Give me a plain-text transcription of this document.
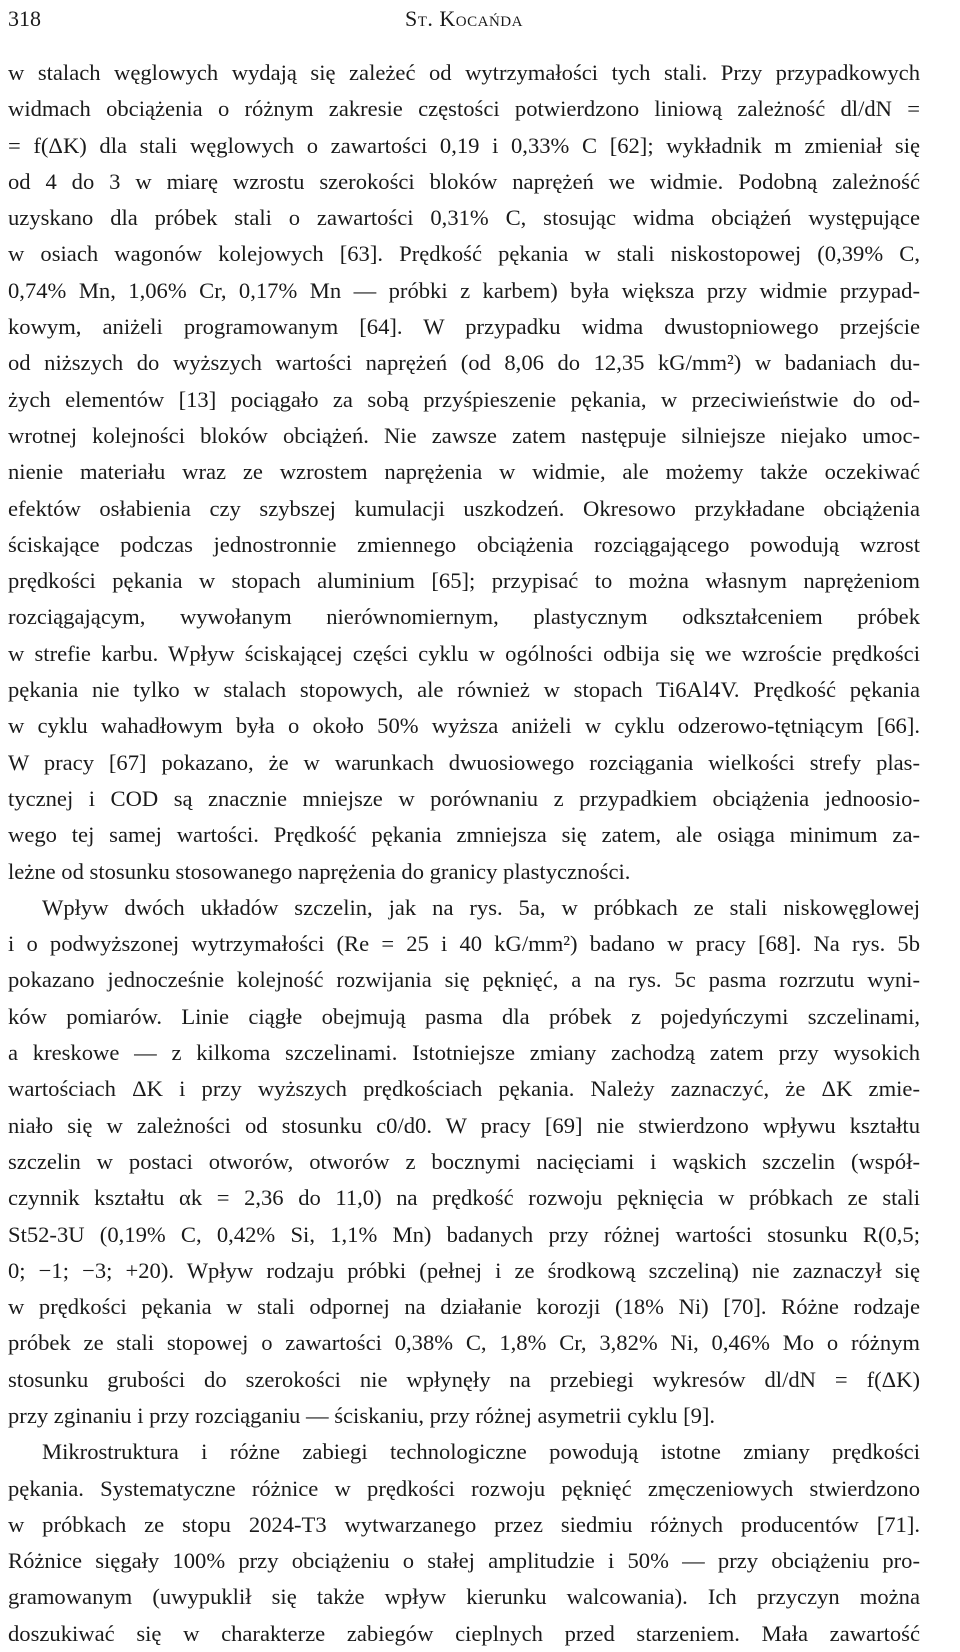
318	St. Kocańda
w stalach węglowych wydają się zależeć od wytrzymałości tych stali. Przy przypadkowych
widmach obciążenia o różnym zakresie częstości potwierdzono liniową zależność dl/dN =
= f(ΔK) dla stali węglowych o zawartości 0,19 i 0,33% C [62]; wykładnik m zmieniał się
od 4 do 3 w miarę wzrostu szerokości bloków naprężeń we widmie. Podobną zależność
uzyskano dla próbek stali o zawartości 0,31% C, stosując widma obciążeń występujące
w osiach wagonów kolejowych [63]. Prędkość pękania w stali niskostopowej (0,39% C,
0,74% Mn, 1,06% Cr, 0,17% Mn — próbki z karbem) była większa przy widmie przypad-
kowym, aniżeli programowanym [64]. W przypadku widma dwustopniowego przejście
od niższych do wyższych wartości naprężeń (od 8,06 do 12,35 kG/mm²) w badaniach du-
żych elementów [13] pociągało za sobą przyśpieszenie pękania, w przeciwieństwie do od-
wrotnej kolejności bloków obciążeń. Nie zawsze zatem następuje silniejsze niejako umoc-
nienie materiału wraz ze wzrostem naprężenia w widmie, ale możemy także oczekiwać
efektów osłabienia czy szybszej kumulacji uszkodzeń. Okresowo przykładane obciążenia
ściskające podczas jednostronnie zmiennego obciążenia rozciągającego powodują wzrost
prędkości pękania w stopach aluminium [65]; przypisać to można własnym naprężeniom
rozciągającym, wywołanym nierównomiernym, plastycznym odkształceniem próbek
w strefie karbu. Wpływ ściskającej części cyklu w ogólności odbija się we wzroście prędkości
pękania nie tylko w stalach stopowych, ale również w stopach Ti6Al4V. Prędkość pękania
w cyklu wahadłowym była o około 50% wyższa aniżeli w cyklu odzerowo-tętniącym [66].
W pracy [67] pokazano, że w warunkach dwuosiowego rozciągania wielkości strefy plas-
tycznej i COD są znacznie mniejsze w porównaniu z przypadkiem obciążenia jednoosio-
wego tej samej wartości. Prędkość pękania zmniejsza się zatem, ale osiąga minimum za-
leżne od stosunku stosowanego naprężenia do granicy plastyczności.
Wpływ dwóch układów szczelin, jak na rys. 5a, w próbkach ze stali niskowęglowej
i o podwyższonej wytrzymałości (Re = 25 i 40 kG/mm²) badano w pracy [68]. Na rys. 5b
pokazano jednocześnie kolejność rozwijania się pęknięć, a na rys. 5c pasma rozrzutu wyni-
ków pomiarów. Linie ciągłe obejmują pasma dla próbek z pojedyńczymi szczelinami,
a kreskowe — z kilkoma szczelinami. Istotniejsze zmiany zachodzą zatem przy wysokich
wartościach ΔK i przy wyższych prędkościach pękania. Należy zaznaczyć, że ΔK zmie-
niało się w zależności od stosunku c0/d0. W pracy [69] nie stwierdzono wpływu kształtu
szczelin w postaci otworów, otworów z bocznymi nacięciami i wąskich szczelin (współ-
czynnik kształtu αk = 2,36 do 11,0) na prędkość rozwoju pęknięcia w próbkach ze stali
St52-3U (0,19% C, 0,42% Si, 1,1% Mn) badanych przy różnej wartości stosunku R(0,5;
0; −1; −3; +20). Wpływ rodzaju próbki (pełnej i ze środkową szczeliną) nie zaznaczył się
w prędkości pękania w stali odpornej na działanie korozji (18% Ni) [70]. Różne rodzaje
próbek ze stali stopowej o zawartości 0,38% C, 1,8% Cr, 3,82% Ni, 0,46% Mo o różnym
stosunku grubości do szerokości nie wpłynęły na przebiegi wykresów dl/dN = f(ΔK)
przy zginaniu i przy rozciąganiu — ściskaniu, przy różnej asymetrii cyklu [9].
Mikrostruktura i różne zabiegi technologiczne powodują istotne zmiany prędkości
pękania. Systematyczne różnice w prędkości rozwoju pęknięć zmęczeniowych stwierdzono
w próbkach ze stopu 2024-T3 wytwarzanego przez siedmiu różnych producentów [71].
Różnice sięgały 100% przy obciążeniu o stałej amplitudzie i 50% — przy obciążeniu pro-
gramowanym (uwypuklił się także wpływ kierunku walcowania). Ich przyczyn można
doszukiwać się w charakterze zabiegów cieplnych przed starzeniem. Mała zawartość
